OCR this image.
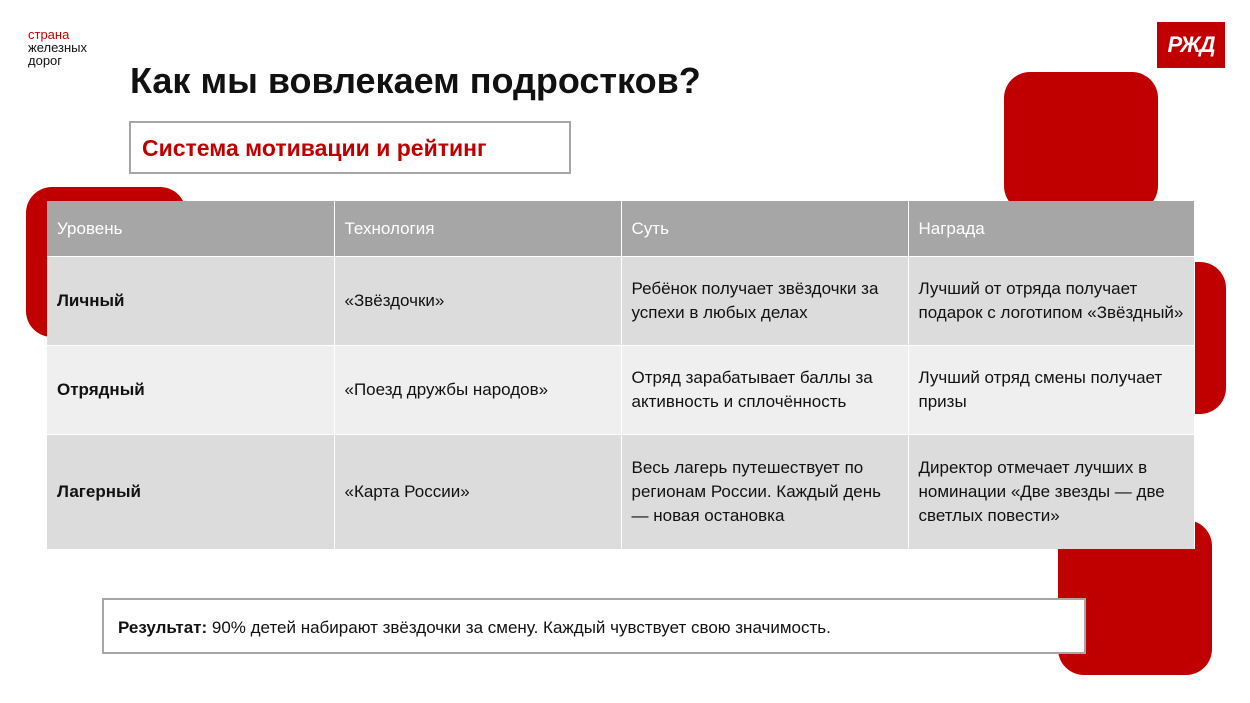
страна
железных
дорог
РЖД
Как мы вовлекаем подростков?
Система мотивации и рейтинг
Уровень	Технология	Суть	Награда
Личный	«Звёздочки»	Ребёнок получает звёздочки за успехи в любых делах	Лучший от отряда получает подарок с логотипом «Звёздный»
Отрядный	«Поезд дружбы народов»	Отряд зарабатывает баллы за активность и сплочённость	Лучший отряд смены получает призы
Лагерный	«Карта России»	Весь лагерь путешествует по регионам России. Каждый день — новая остановка	Директор отмечает лучших в номинации «Две звезды — две светлых повести»
Результат: 90% детей набирают звёздочки за смену. Каждый чувствует свою значимость.
